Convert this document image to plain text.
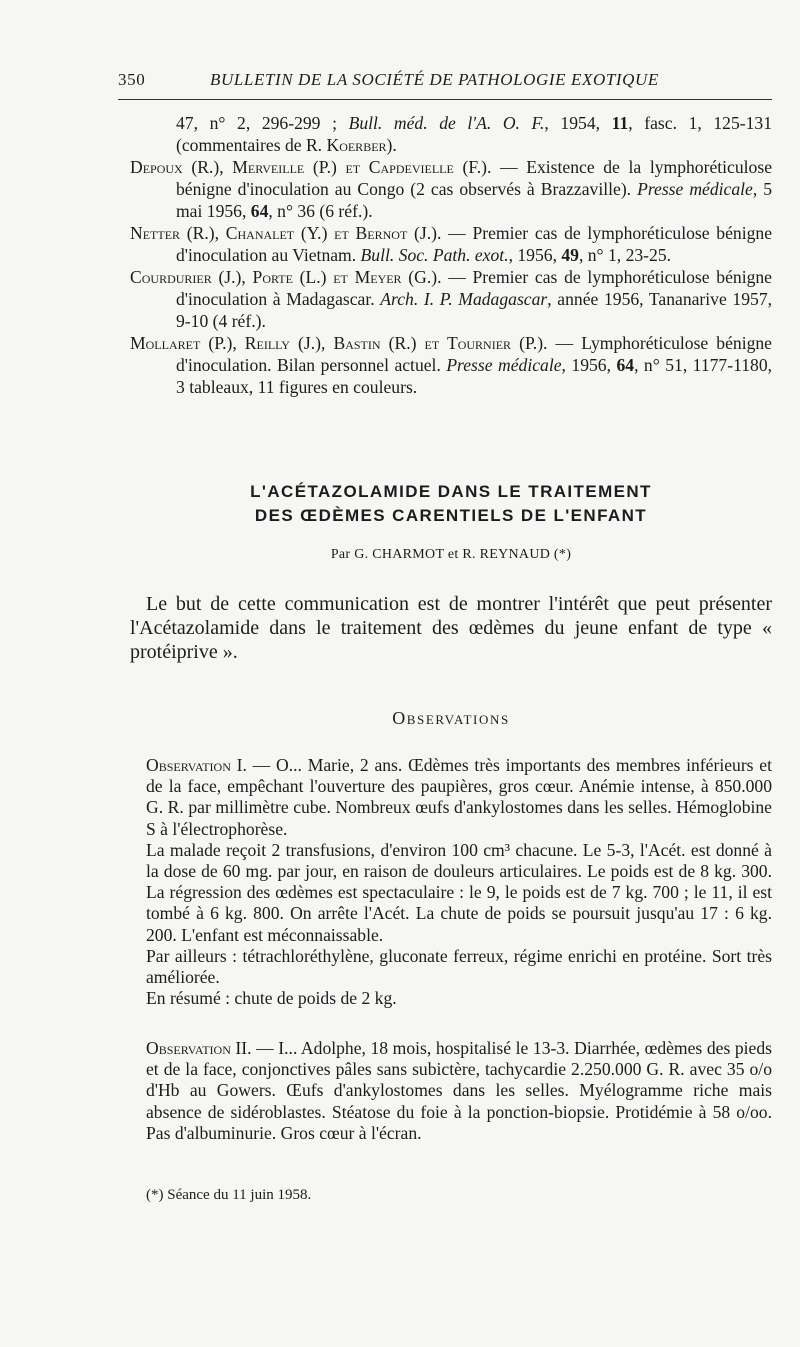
350	BULLETIN DE LA SOCIÉTÉ DE PATHOLOGIE EXOTIQUE

47, n° 2, 296-299 ; Bull. méd. de l'A. O. F., 1954, 11, fasc. 1, 125-131 (commentaires de R. Koerber).

Depoux (R.), Merveille (P.) et Capdevielle (F.). — Existence de la lymphoréticulose bénigne d'inoculation au Congo (2 cas observés à Brazzaville). Presse médicale, 5 mai 1956, 64, n° 36 (6 réf.).

Netter (R.), Chanalet (Y.) et Bernot (J.). — Premier cas de lymphoréticulose bénigne d'inoculation au Vietnam. Bull. Soc. Path. exot., 1956, 49, n° 1, 23-25.

Courdurier (J.), Porte (L.) et Meyer (G.). — Premier cas de lymphoréticulose bénigne d'inoculation à Madagascar. Arch. I. P. Madagascar, année 1956, Tananarive 1957, 9-10 (4 réf.).

Mollaret (P.), Reilly (J.), Bastin (R.) et Tournier (P.). — Lymphoréticulose bénigne d'inoculation. Bilan personnel actuel. Presse médicale, 1956, 64, n° 51, 1177-1180, 3 tableaux, 11 figures en couleurs.

L'ACÉTAZOLAMIDE DANS LE TRAITEMENT
DES ŒDÈMES CARENTIELS DE L'ENFANT
Par G. CHARMOT et R. REYNAUD (*)

Le but de cette communication est de montrer l'intérêt que peut présenter l'Acétazolamide dans le traitement des œdèmes du jeune enfant de type « protéiprive ».

Observations

Observation I. — O... Marie, 2 ans. Œdèmes très importants des membres inférieurs et de la face, empêchant l'ouverture des paupières, gros cœur. Anémie intense, à 850.000 G. R. par millimètre cube. Nombreux œufs d'ankylostomes dans les selles. Hémoglobine S à l'électrophorèse.

La malade reçoit 2 transfusions, d'environ 100 cm³ chacune. Le 5-3, l'Acét. est donné à la dose de 60 mg. par jour, en raison de douleurs articulaires. Le poids est de 8 kg. 300. La régression des œdèmes est spectaculaire : le 9, le poids est de 7 kg. 700 ; le 11, il est tombé à 6 kg. 800. On arrête l'Acét. La chute de poids se poursuit jusqu'au 17 : 6 kg. 200. L'enfant est méconnaissable.

Par ailleurs : tétrachloréthylène, gluconate ferreux, régime enrichi en protéine. Sort très améliorée.

En résumé : chute de poids de 2 kg.

Observation II. — I... Adolphe, 18 mois, hospitalisé le 13-3. Diarrhée, œdèmes des pieds et de la face, conjonctives pâles sans subictère, tachycardie 2.250.000 G. R. avec 35 o/o d'Hb au Gowers. Œufs d'ankylostomes dans les selles. Myélogramme riche mais absence de sidéroblastes. Stéatose du foie à la ponction-biopsie. Protidémie à 58 o/oo. Pas d'albuminurie. Gros cœur à l'écran.

(*) Séance du 11 juin 1958.
